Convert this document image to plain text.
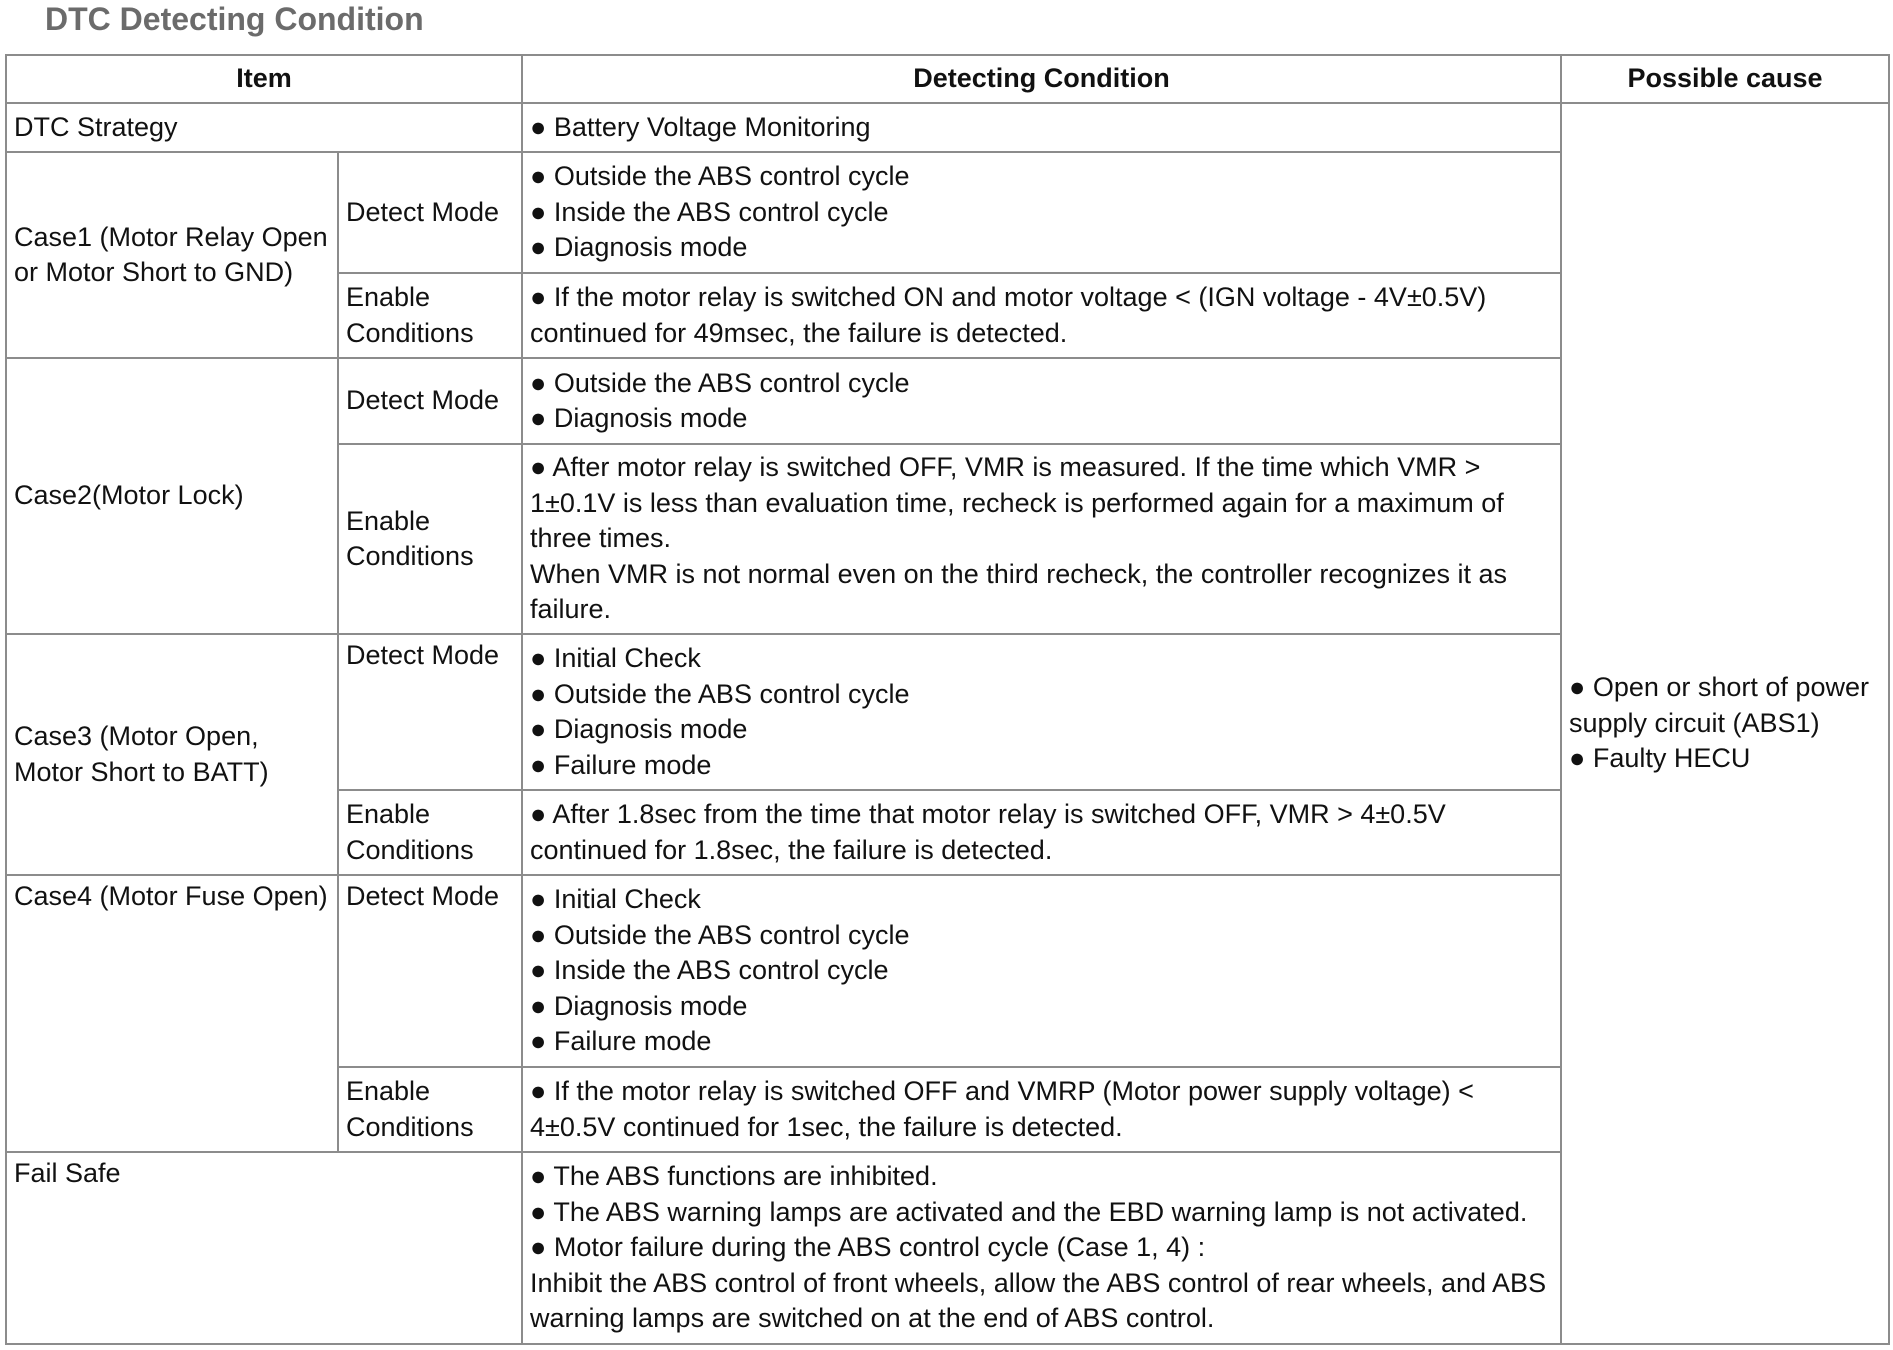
DTC Detecting Condition
Item		Detecting Condition	Possible cause
DTC Strategy		● Battery Voltage Monitoring	● Open or short of power supply circuit (ABS1)
● Faulty HECU

Case1 (Motor Relay Open or Motor Short to GND)	Detect Mode	● Outside the ABS control cycle
● Inside the ABS control cycle
● Diagnosis mode	

	Enable Conditions	● If the motor relay is switched ON and motor voltage < (IGN voltage - 4V±0.5V) continued for 49msec, the failure is detected.	
Case2(Motor Lock)	Detect Mode	● Outside the ABS control cycle
● Diagnosis mode	

	Enable Conditions	● After motor relay is switched OFF, VMR is measured. If the time which VMR > 1±0.1V is less than evaluation time, recheck is performed again for a maximum of three times.
When VMR is not normal even on the third recheck, the controller recognizes it as failure.	
Case3 (Motor Open, Motor Short to BATT)	Detect Mode	● Initial Check
● Outside the ABS control cycle
● Diagnosis mode
● Failure mode	

	Enable Conditions	● After 1.8sec from the time that motor relay is switched OFF, VMR > 4±0.5V continued for 1.8sec, the failure is detected.	
Case4 (Motor Fuse Open)	Detect Mode	● Initial Check
● Outside the ABS control cycle
● Inside the ABS control cycle
● Diagnosis mode
● Failure mode	

	Enable Conditions	● If the motor relay is switched OFF and VMRP (Motor power supply voltage) < 4±0.5V continued for 1sec, the failure is detected.	
Fail Safe		● The ABS functions are inhibited.
● The ABS warning lamps are activated and the EBD warning lamp is not activated.
● Motor failure during the ABS control cycle (Case 1, 4) :
Inhibit the ABS control of front wheels, allow the ABS control of rear wheels, and ABS warning lamps are switched on at the end of ABS control.	
